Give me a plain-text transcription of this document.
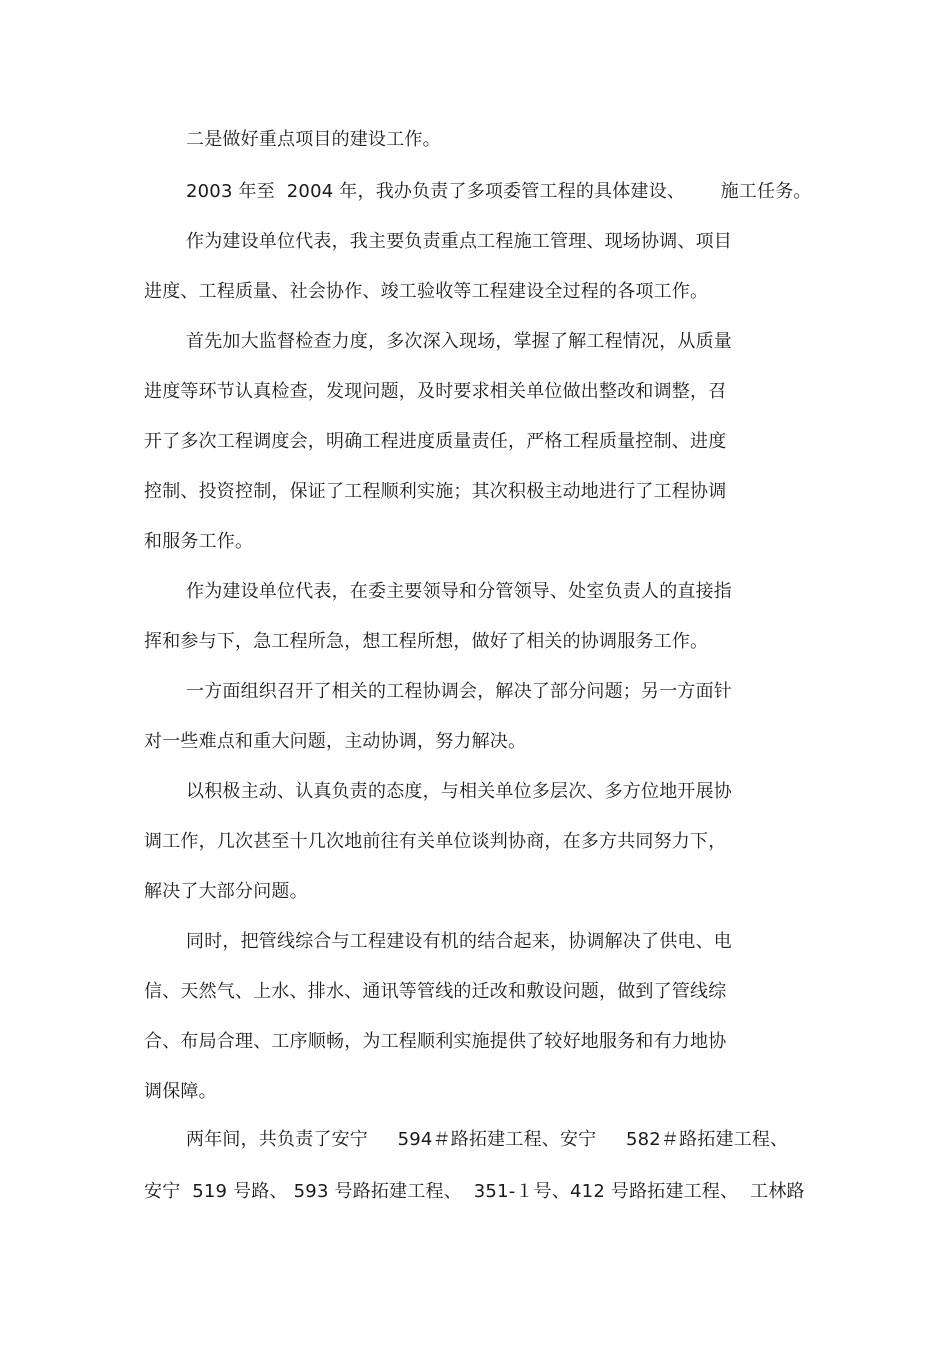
二是做好重点项目的建设工作。
2003 年至  2004 年，我办负责了多项委管工程的具体建设、      施工任务。
作为建设单位代表，我主要负责重点工程施工管理、现场协调、项目
进度、工程质量、社会协作、竣工验收等工程建设全过程的各项工作。
首先加大监督检查力度，多次深入现场，掌握了解工程情况，从质量
进度等环节认真检查，发现问题，及时要求相关单位做出整改和调整，召
开了多次工程调度会，明确工程进度质量责任，严格工程质量控制、进度
控制、投资控制，保证了工程顺利实施；其次积极主动地进行了工程协调
和服务工作。
作为建设单位代表，在委主要领导和分管领导、处室负责人的直接指
挥和参与下，急工程所急，想工程所想，做好了相关的协调服务工作。
一方面组织召开了相关的工程协调会，解决了部分问题；另一方面针
对一些难点和重大问题，主动协调，努力解决。
以积极主动、认真负责的态度，与相关单位多层次、多方位地开展协
调工作，几次甚至十几次地前往有关单位谈判协商，在多方共同努力下，
解决了大部分问题。
同时，把管线综合与工程建设有机的结合起来，协调解决了供电、电
信、天然气、上水、排水、通讯等管线的迁改和敷设问题，做到了管线综
合、布局合理、工序顺畅，为工程顺利实施提供了较好地服务和有力地协
调保障。
两年间，共负责了安宁     594＃路拓建工程、安宁     582＃路拓建工程、
安宁  519 号路、 593 号路拓建工程、  351-１号、412 号路拓建工程、  工林路
